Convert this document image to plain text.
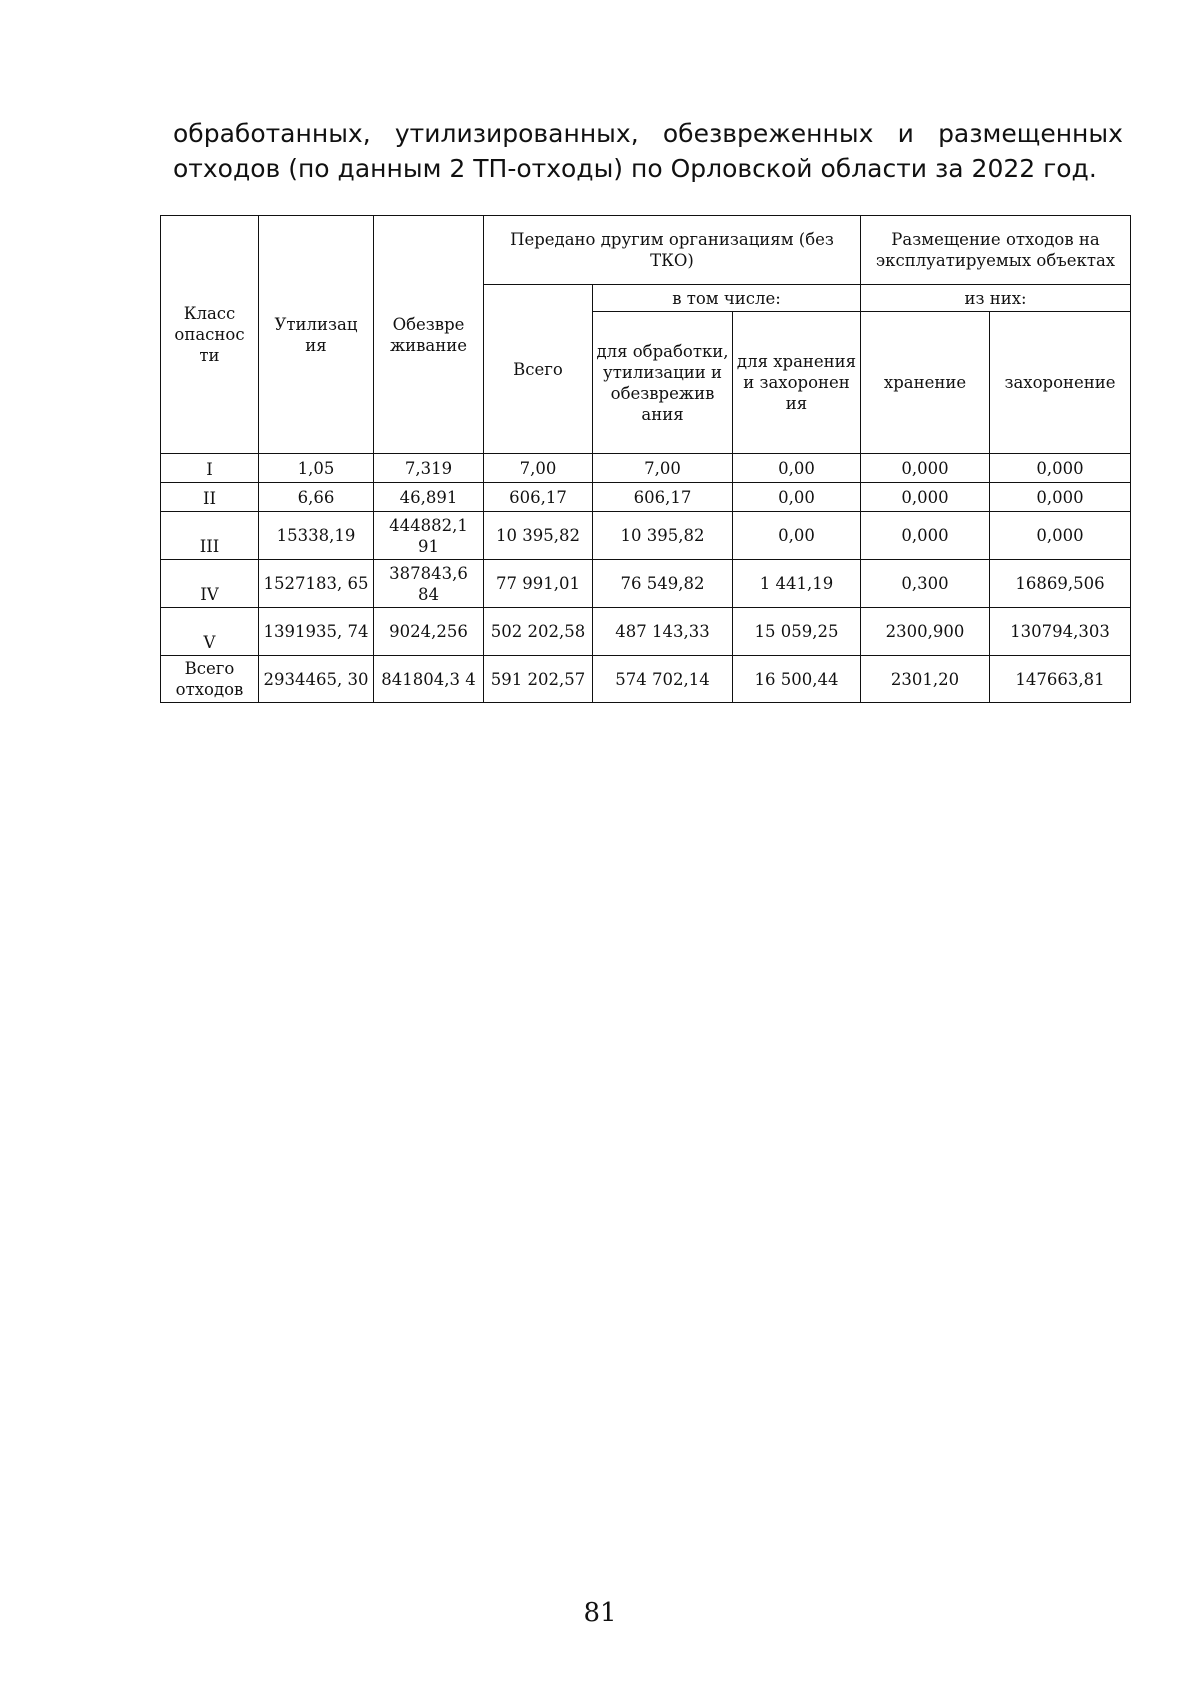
обработанных, утилизированных, обезвреженных и размещенных
отходов (по данным 2 ТП-отходы) по Орловской области за 2022 год.
Класс опаснос ти	Утилизац ия	Обезвре живание	Передано другим организациям (без ТКО)			Размещение отходов на эксплуатируемых объектах	
			Всего	в том числе:		из них:	
				для обработки, утилизации и обезврежив ания	для хранения и захоронен ия	хранение	захоронение
I	1,05	7,319	7,00	7,00	0,00	0,000	0,000
II	6,66	46,891	606,17	606,17	0,00	0,000	0,000
III	15338,19	444882,1 91	10 395,82	10 395,82	0,00	0,000	0,000
IV	1527183, 65	387843,6 84	77 991,01	76 549,82	1 441,19	0,300	16869,506
V	1391935, 74	9024,256	502 202,58	487 143,33	15 059,25	2300,900	130794,303
Всего отходов	2934465, 30	841804,3 4	591 202,57	574 702,14	16 500,44	2301,20	147663,81
81
